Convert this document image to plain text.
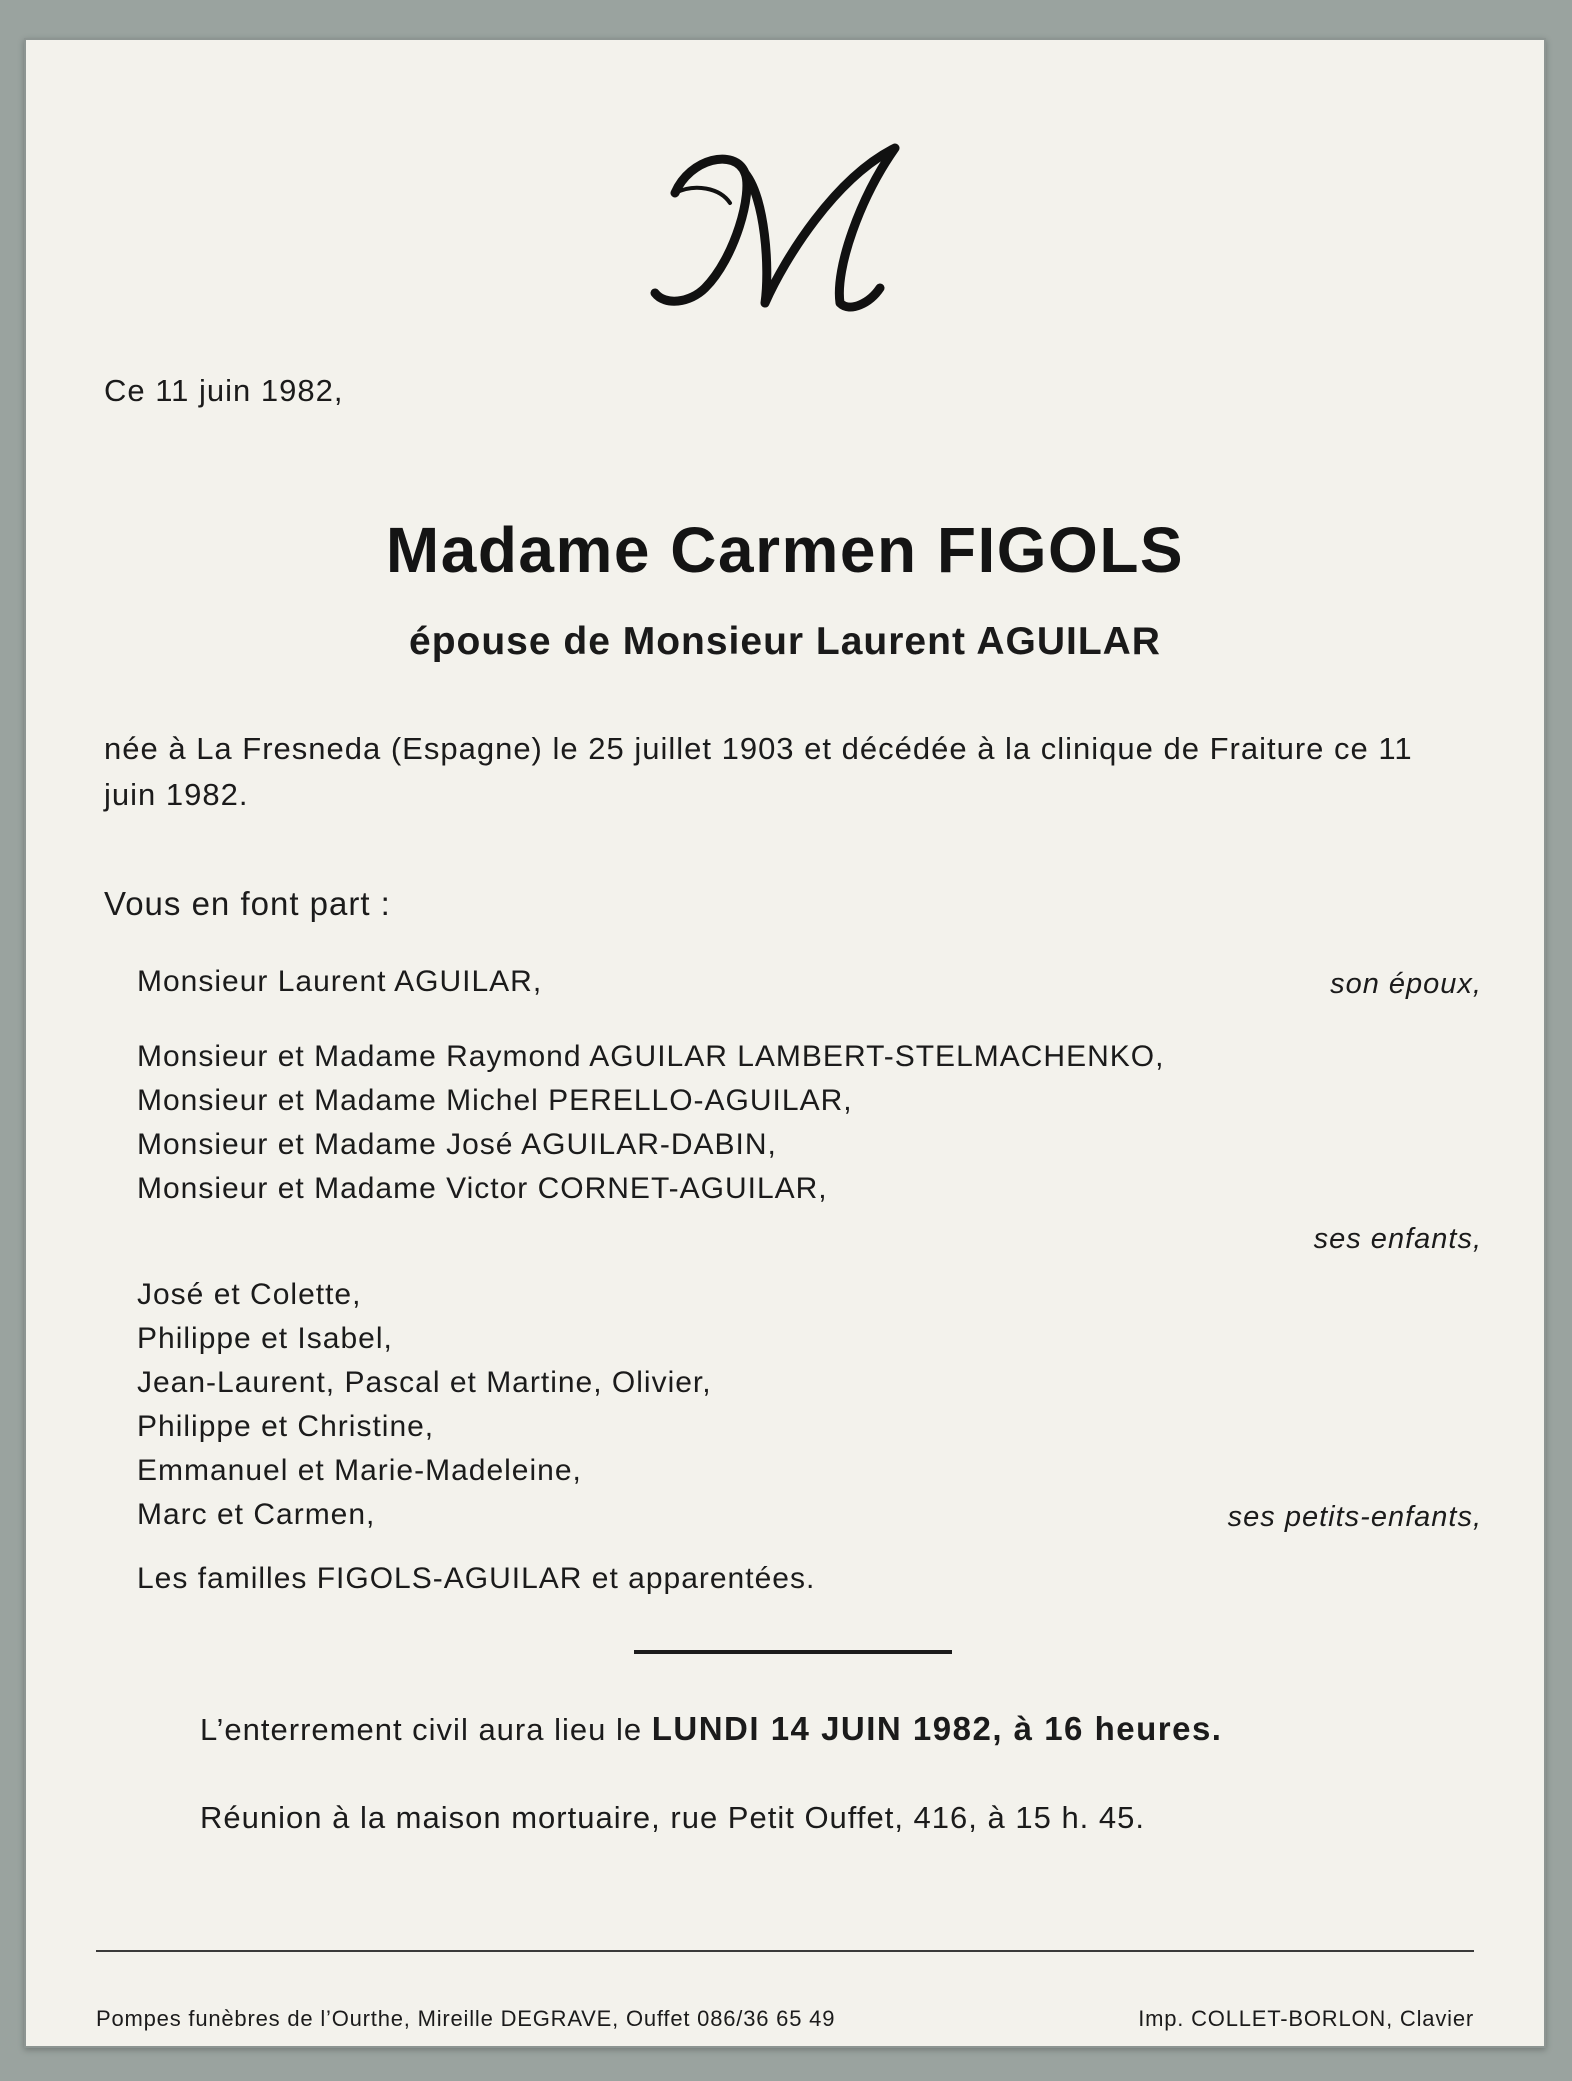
Ce 11 juin 1982,
Madame Carmen FIGOLS
épouse de Monsieur Laurent AGUILAR
née à La Fresneda (Espagne) le 25 juillet 1903 et décédée à la clinique de Fraiture ce 11 juin 1982.
Vous en font part :
Monsieur Laurent AGUILAR,	son époux,
Monsieur et Madame Raymond AGUILAR LAMBERT-STELMACHENKO,
Monsieur et Madame Michel PERELLO-AGUILAR,
Monsieur et Madame José AGUILAR-DABIN,
Monsieur et Madame Victor CORNET-AGUILAR,
ses enfants,
José et Colette,
Philippe et Isabel,
Jean-Laurent, Pascal et Martine, Olivier,
Philippe et Christine,
Emmanuel et Marie-Madeleine,
Marc et Carmen,	ses petits-enfants,
Les familles FIGOLS-AGUILAR et apparentées.
L’enterrement civil aura lieu le LUNDI 14 JUIN 1982, à 16 heures.
Réunion à la maison mortuaire, rue Petit Ouffet, 416, à 15 h. 45.
Pompes funèbres de l’Ourthe, Mireille DEGRAVE, Ouffet 086/36 65 49	Imp. COLLET-BORLON, Clavier
